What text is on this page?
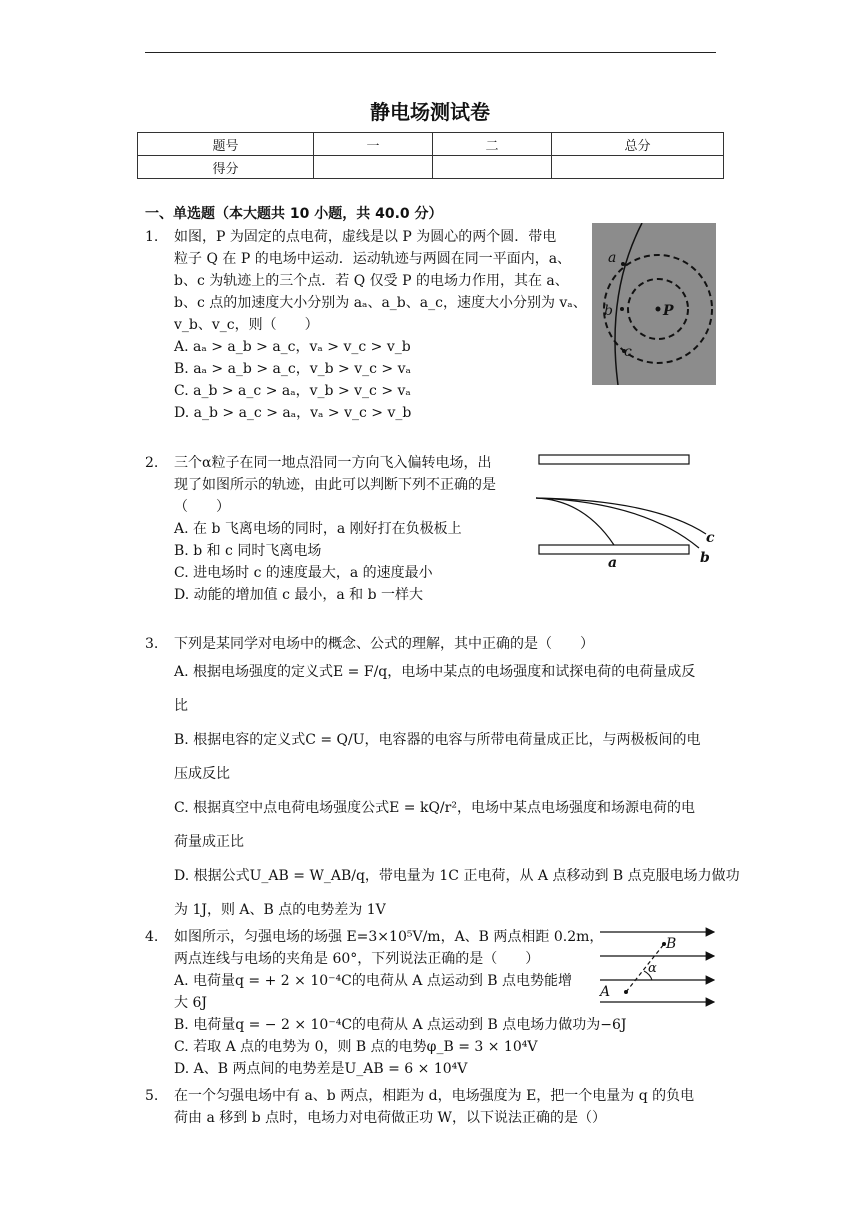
静电场测试卷
题号	一	二	总分
得分			
一、单选题（本大题共 10 小题，共 40.0 分）
1. 如图，P 为固定的点电荷，虚线是以 P 为圆心的两个圆．带电
粒子 Q 在 P 的电场中运动．运动轨迹与两圆在同一平面内，a、
b、c 为轨迹上的三个点．若 Q 仅受 P 的电场力作用，其在 a、
b、c 点的加速度大小分别为 aₐ、a_b、a_c，速度大小分别为 vₐ、
v_b、v_c，则（　　）
A. aₐ > a_b > a_c，vₐ > v_c > v_b
B. aₐ > a_b > a_c，v_b > v_c > vₐ
C. a_b > a_c > aₐ，v_b > v_c > vₐ
D. a_b > a_c > aₐ，vₐ > v_c > v_b
a
b
c
P
2. 三个α粒子在同一地点沿同一方向飞入偏转电场，出
现了如图所示的轨迹，由此可以判断下列不正确的是
（　　）
A. 在 b 飞离电场的同时，a 刚好打在负极板上
B. b 和 c 同时飞离电场
C. 进电场时 c 的速度最大，a 的速度最小
D. 动能的增加值 c 最小，a 和 b 一样大
a	b
c
3. 下列是某同学对电场中的概念、公式的理解，其中正确的是（　　）
A. 根据电场强度的定义式E = F/q，电场中某点的电场强度和试探电荷的电荷量成反
比
B. 根据电容的定义式C = Q/U，电容器的电容与所带电荷量成正比，与两极板间的电
压成反比
C. 根据真空中点电荷电场强度公式E = kQ/r²，电场中某点电场强度和场源电荷的电
荷量成正比
D. 根据公式U_AB = W_AB/q，带电量为 1C 正电荷，从 A 点移动到 B 点克服电场力做功
为 1J，则 A、B 点的电势差为 1V
4. 如图所示，匀强电场的场强 E=3×10⁵V/m，A、B 两点相距 0.2m，
两点连线与电场的夹角是 60°，下列说法正确的是（　　）
A. 电荷量q = + 2 × 10⁻⁴C的电荷从 A 点运动到 B 点电势能增
大 6J
B. 电荷量q = − 2 × 10⁻⁴C的电荷从 A 点运动到 B 点电场力做功为−6J
C. 若取 A 点的电势为 0，则 B 点的电势φ_B = 3 × 10⁴V
D. A、B 两点间的电势差是U_AB = 6 × 10⁴V
A
B
α
5. 在一个匀强电场中有 a、b 两点，相距为 d，电场强度为 E，把一个电量为 q 的负电
荷由 a 移到 b 点时，电场力对电荷做正功 W，以下说法正确的是（）
